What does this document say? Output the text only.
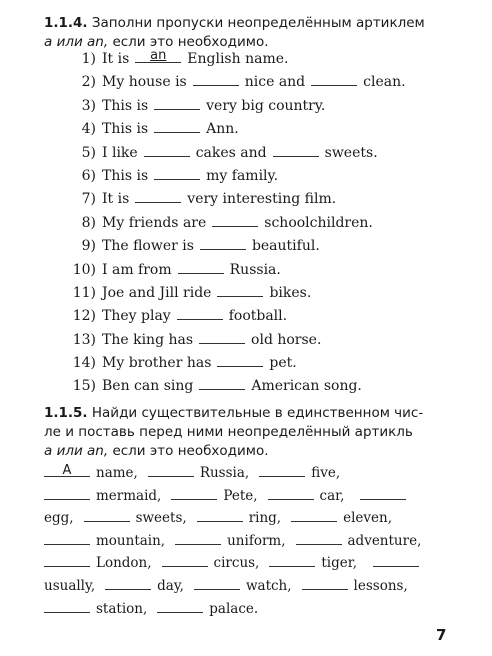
1.1.4. Заполни пропуски неопределённым артиклем
a или an, если это необходимо.
1) It is	an	English name.
2) My house is	nice and	clean.
3) This is	very big country.
4) This is	Ann.
5) I like	cakes and	sweets.
6) This is	my family.
7) It is	very interesting film.
8) My friends are	schoolchildren.
9) The flower is	beautiful.
10) I am from	Russia.
11) Joe and Jill ride	bikes.
12) They play	football.
13) The king has	old horse.
14) My brother has	pet.
15) Ben can sing	American song.
1.1.5. Найди существительные в единственном чис-
ле и поставь перед ними неопределённый артикль
a или an, если это необходимо.
A	name,	Russia,	five,
mermaid,	Pete,	car,
egg,	sweets,	ring,	eleven,
mountain,	uniform,	adventure,
London,	circus,	tiger,
usually,	day,	watch,	lessons,
station,	palace.
7
